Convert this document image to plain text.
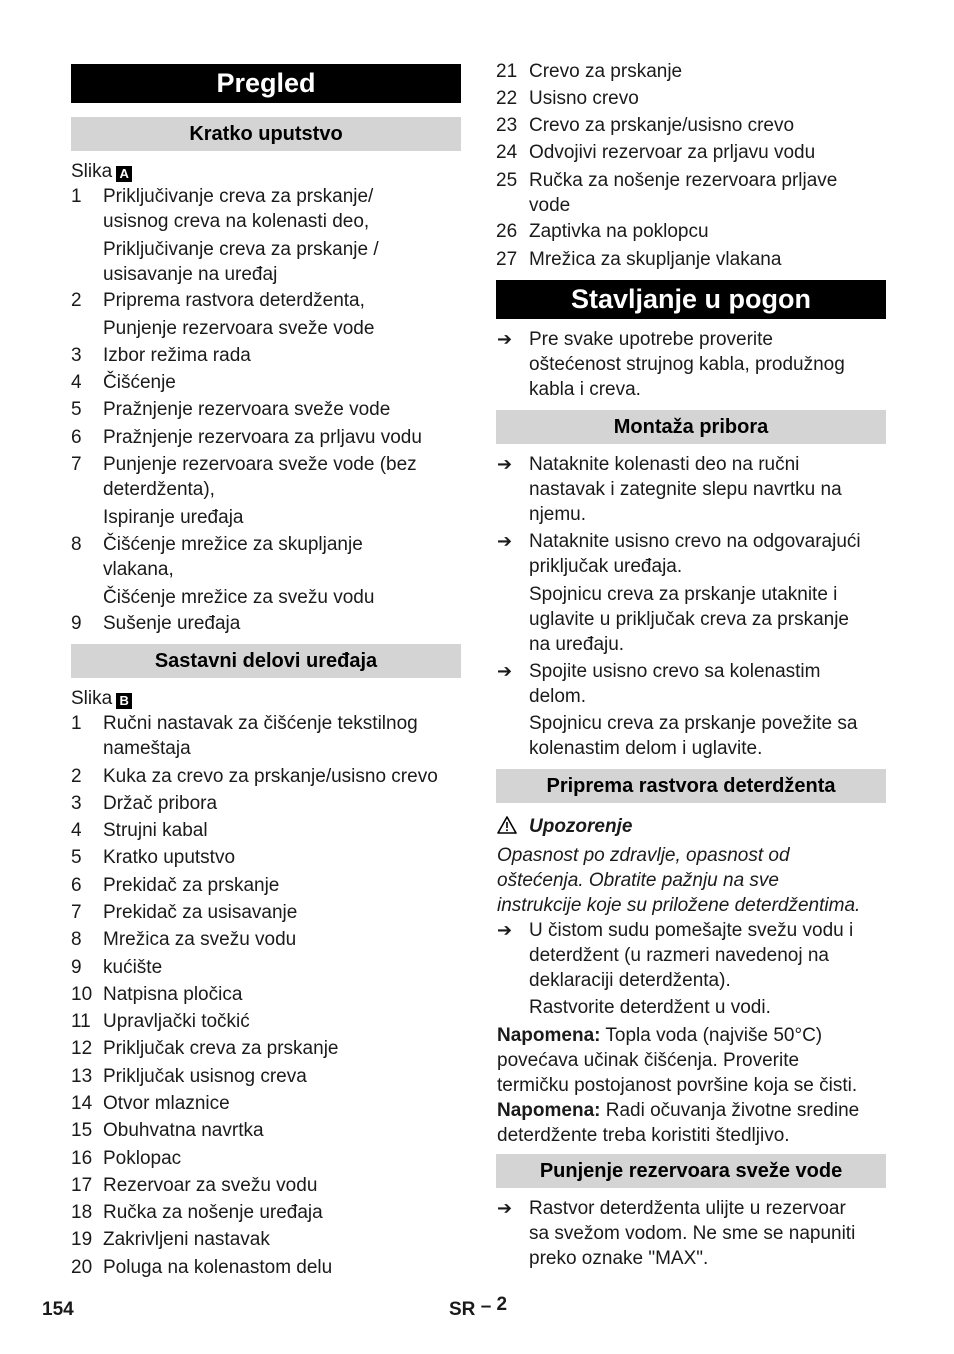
Pregled
Kratko uputstvo
Slika A
1 Priključivanje creva za prskanje/
usisnog creva na kolenasti deo,
Priključivanje creva za prskanje /
usisavanje na uređaj
2 Priprema rastvora deterdženta,
Punjenje rezervoara sveže vode
3 Izbor režima rada
4 Čišćenje
5 Pražnjenje rezervoara sveže vode
6 Pražnjenje rezervoara za prljavu vodu
7 Punjenje rezervoara sveže vode (bez
deterdženta),
Ispiranje uređaja
8 Čišćenje mrežice za skupljanje
vlakana,
Čišćenje mrežice za svežu vodu
9 Sušenje uređaja
Sastavni delovi uređaja
Slika B
1 Ručni nastavak za čišćenje tekstilnog
nameštaja
2 Kuka za crevo za prskanje/usisno crevo
3 Držač pribora
4 Strujni kabal
5 Kratko uputstvo
6 Prekidač za prskanje
7 Prekidač za usisavanje
8 Mrežica za svežu vodu
9 kućište
10 Natpisna pločica
11 Upravljački točkić
12 Priključak creva za prskanje
13 Priključak usisnog creva
14 Otvor mlaznice
15 Obuhvatna navrtka
16 Poklopac
17 Rezervoar za svežu vodu
18 Ručka za nošenje uređaja
19 Zakrivljeni nastavak
20 Poluga na kolenastom delu
21 Crevo za prskanje
22 Usisno crevo
23 Crevo za prskanje/usisno crevo
24 Odvojivi rezervoar za prljavu vodu
25 Ručka za nošenje rezervoara prljave
vode
26 Zaptivka na poklopcu
27 Mrežica za skupljanje vlakana
Stavljanje u pogon
➔ Pre svake upotrebe proverite
oštećenost strujnog kabla, produžnog
kabla i creva.
Montaža pribora
➔ Nataknite kolenasti deo na ručni
nastavak i zategnite slepu navrtku na
njemu.
➔ Nataknite usisno crevo na odgovarajući
priključak uređaja.
Spojnicu creva za prskanje utaknite i
uglavite u priključak creva za prskanje
na uređaju.
➔ Spojite usisno crevo sa kolenastim
delom.
Spojnicu creva za prskanje povežite sa
kolenastim delom i uglavite.
Priprema rastvora deterdženta
Upozorenje
Opasnost po zdravlje, opasnost od
oštećenja. Obratite pažnju na sve
instrukcije koje su priložene deterdžentima.
➔ U čistom sudu pomešajte svežu vodu i
deterdžent (u razmeri navedenoj na
deklaraciji deterdženta).
Rastvorite deterdžent u vodi.
Napomena: Topla voda (najviše 50°C)
povećava učinak čišćenja. Proverite
termičku postojanost površine koja se čisti.
Napomena: Radi očuvanja životne sredine
deterdžente treba koristiti štedljivo.
Punjenje rezervoara sveže vode
➔ Rastvor deterdženta ulijte u rezervoar
sa svežom vodom. Ne sme se napuniti
preko oznake "MAX".
154	SR – 2
